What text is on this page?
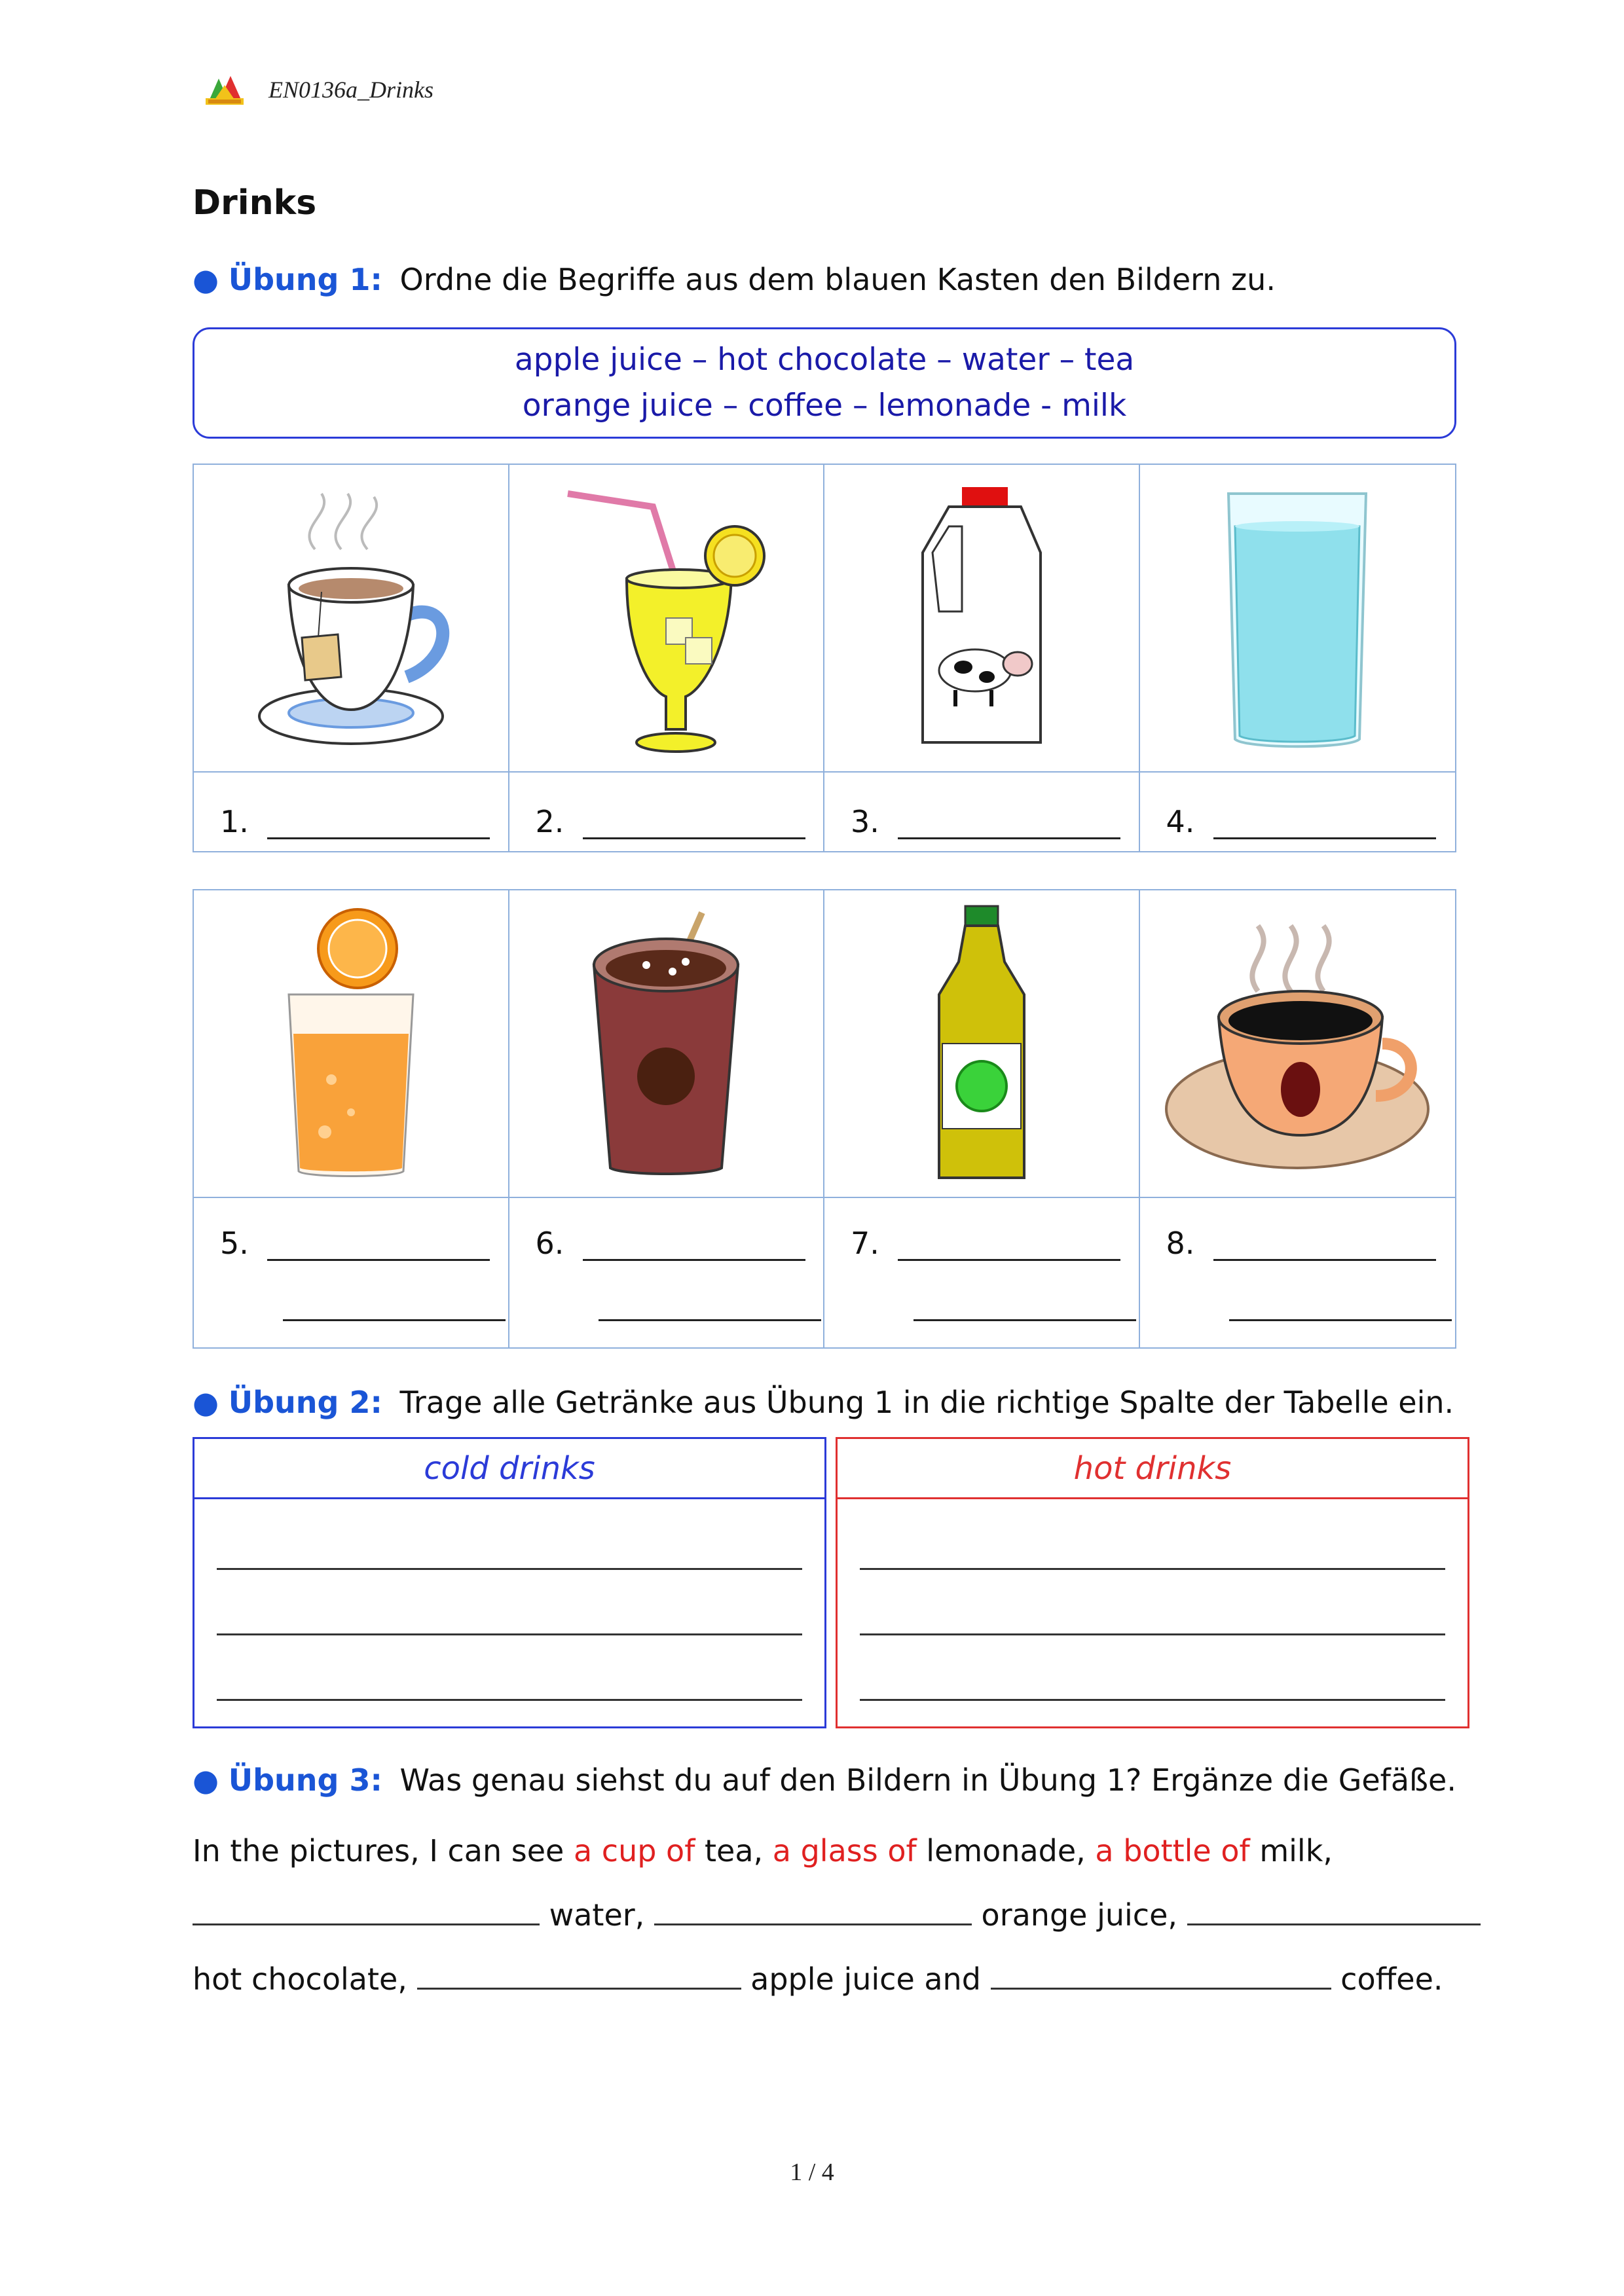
EN0136a_Drinks
Drinks
● Übung 1: Ordne die Begriffe aus dem blauen Kasten den Bildern zu.
apple juice – hot chocolate – water – tea
orange juice – coffee – lemonade - milk
1.	2.	3.	4.
5.	6.	7.	8.
● Übung 2: Trage alle Getränke aus Übung 1 in die richtige Spalte der Tabelle ein.
cold drinks	hot drinks
● Übung 3: Was genau siehst du auf den Bildern in Übung 1? Ergänze die Gefäße.
In the pictures, I can see a cup of tea, a glass of lemonade, a bottle of milk,
water,	orange juice,
hot chocolate,	apple juice and	coffee.
1 / 4
